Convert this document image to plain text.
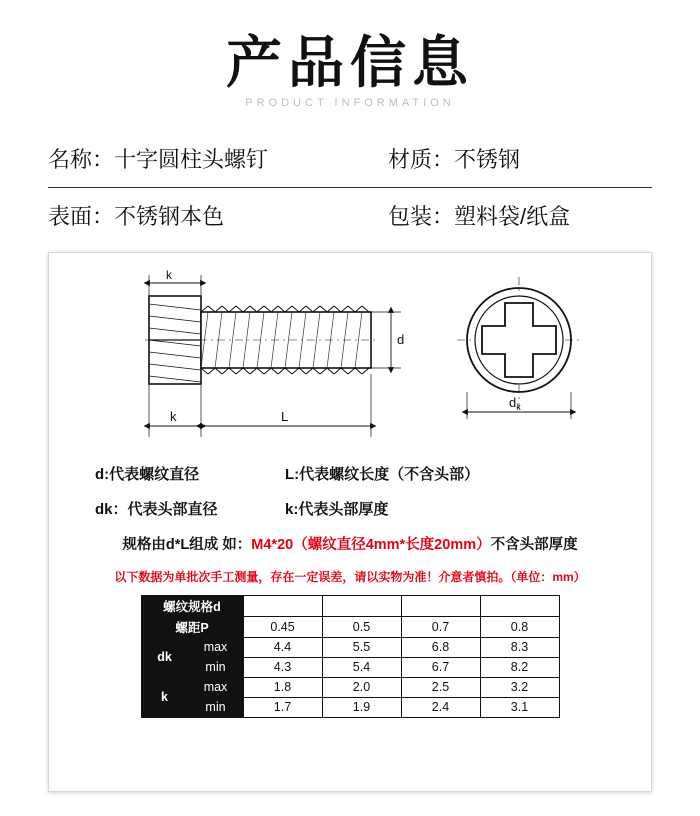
产品信息
PRODUCT INFORMATION
名称： 十字圆柱头螺钉	材质： 不锈钢
表面： 不锈钢本色	包装： 塑料袋/纸盒
k
k	L
d
$d_k$
d:代表螺纹直径	L:代表螺纹长度（不含头部）
dk：代表头部直径	k:代表头部厚度
规格由d*L组成 如：M4*20（螺纹直径4mm*长度20mm）不含头部厚度
以下数据为单批次手工测量，存在一定误差，请以实物为准！介意者慎拍。（单位：mm）
螺纹规格d		M2.5	M3	M4	M5
螺距P		0.45	0.5	0.7	0.8
dk	max	4.4	5.5	6.8	8.3
	min	4.3	5.4	6.7	8.2
k	max	1.8	2.0	2.5	3.2
	min	1.7	1.9	2.4	3.1
